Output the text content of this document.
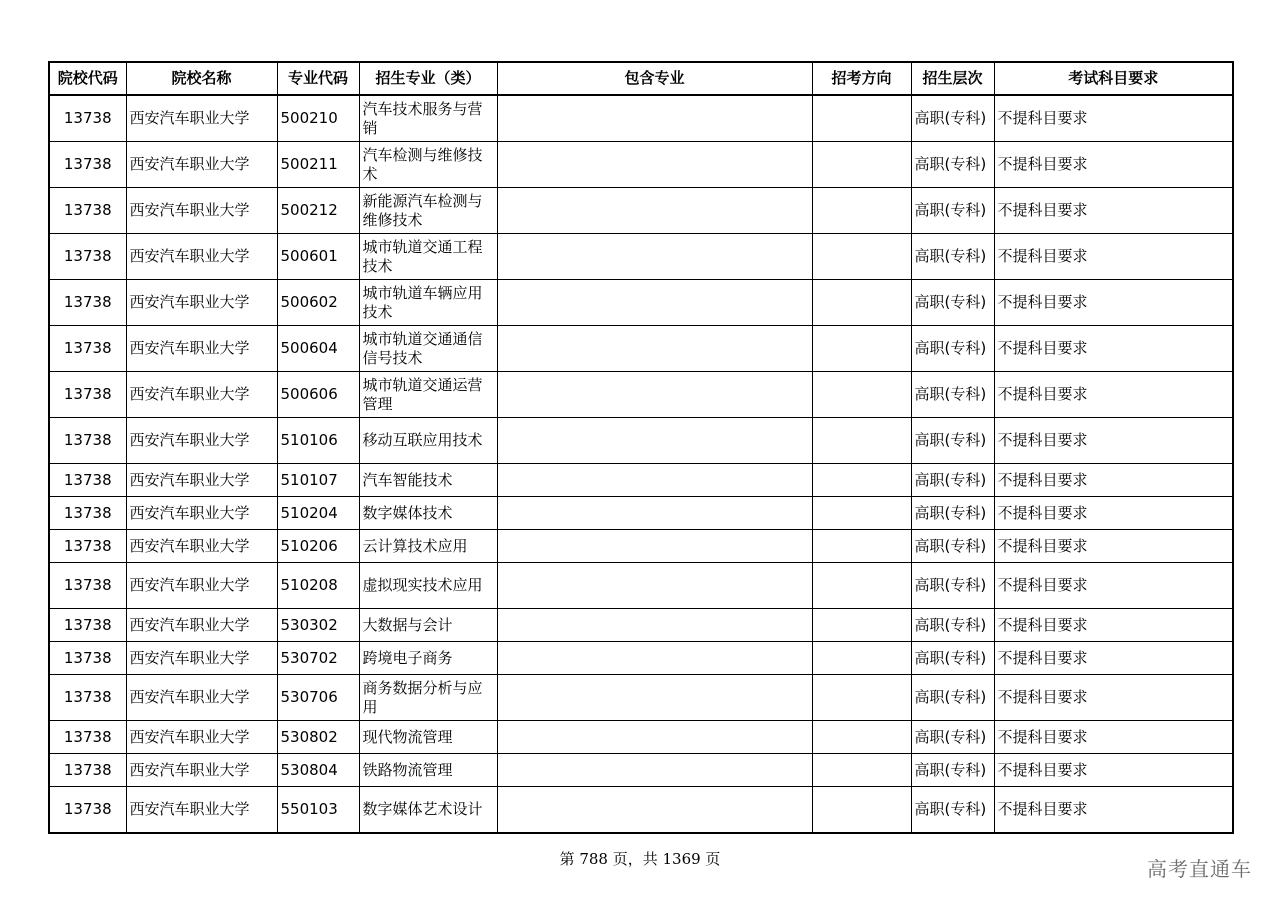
院校代码	院校名称	专业代码	招生专业（类）	包含专业	招考方向	招生层次	考试科目要求
13738	西安汽车职业大学	500210	汽车技术服务与营销			高职(专科)	不提科目要求
13738	西安汽车职业大学	500211	汽车检测与维修技术			高职(专科)	不提科目要求
13738	西安汽车职业大学	500212	新能源汽车检测与维修技术			高职(专科)	不提科目要求
13738	西安汽车职业大学	500601	城市轨道交通工程技术			高职(专科)	不提科目要求
13738	西安汽车职业大学	500602	城市轨道车辆应用技术			高职(专科)	不提科目要求
13738	西安汽车职业大学	500604	城市轨道交通通信信号技术			高职(专科)	不提科目要求
13738	西安汽车职业大学	500606	城市轨道交通运营管理			高职(专科)	不提科目要求
13738	西安汽车职业大学	510106	移动互联应用技术			高职(专科)	不提科目要求
13738	西安汽车职业大学	510107	汽车智能技术			高职(专科)	不提科目要求
13738	西安汽车职业大学	510204	数字媒体技术			高职(专科)	不提科目要求
13738	西安汽车职业大学	510206	云计算技术应用			高职(专科)	不提科目要求
13738	西安汽车职业大学	510208	虚拟现实技术应用			高职(专科)	不提科目要求
13738	西安汽车职业大学	530302	大数据与会计			高职(专科)	不提科目要求
13738	西安汽车职业大学	530702	跨境电子商务			高职(专科)	不提科目要求
13738	西安汽车职业大学	530706	商务数据分析与应用			高职(专科)	不提科目要求
13738	西安汽车职业大学	530802	现代物流管理			高职(专科)	不提科目要求
13738	西安汽车职业大学	530804	铁路物流管理			高职(专科)	不提科目要求
13738	西安汽车职业大学	550103	数字媒体艺术设计			高职(专科)	不提科目要求
第 788 页，共 1369 页	高考直通车
